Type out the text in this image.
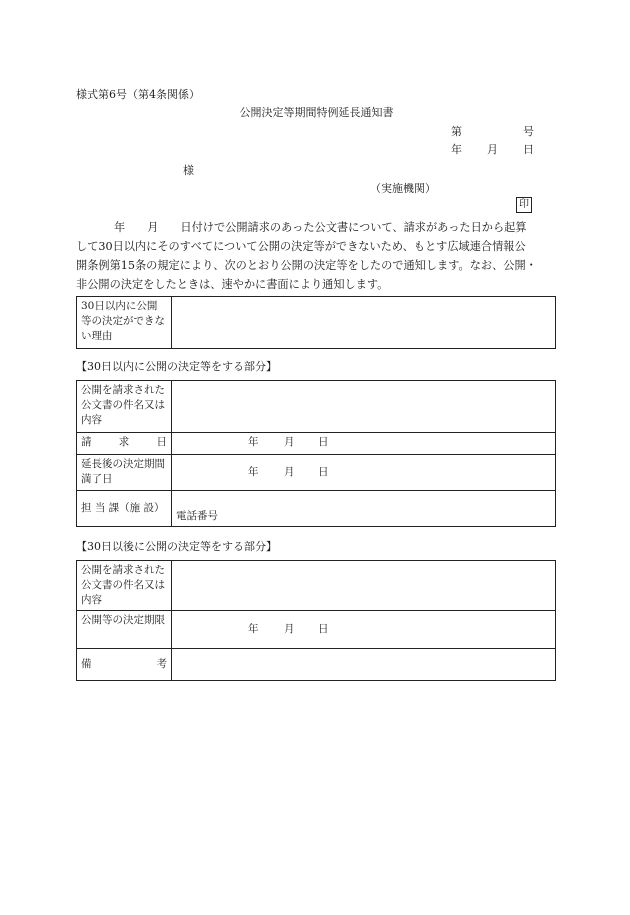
様式第6号（第4条関係）
公開決定等期間特例延長通知書
第	号
年 月 日
様
（実施機関）
印
年 月 日付けで公開請求のあった公文書について、請求があった日から起算
して30日以内にそのすべてについて公開の決定等ができないため、もとす広域連合情報公
開条例第15条の規定により、次のとおり公開の決定等をしたので通知します。なお、公開・
非公開の決定をしたときは、速やかに書面により通知します。
30日以内に公開等の決定ができない理由	
【30日以内に公開の決定等をする部分】
公開を請求された公文書の件名又は内容	

請 求 日	年 月 日

延長後の決定期間満了日	年 月 日

担 当 課（施 設）	電話番号
【30日以後に公開の決定等をする部分】
公開を請求された公文書の件名又は内容	
公開等の決定期限	年 月 日

備 考	
